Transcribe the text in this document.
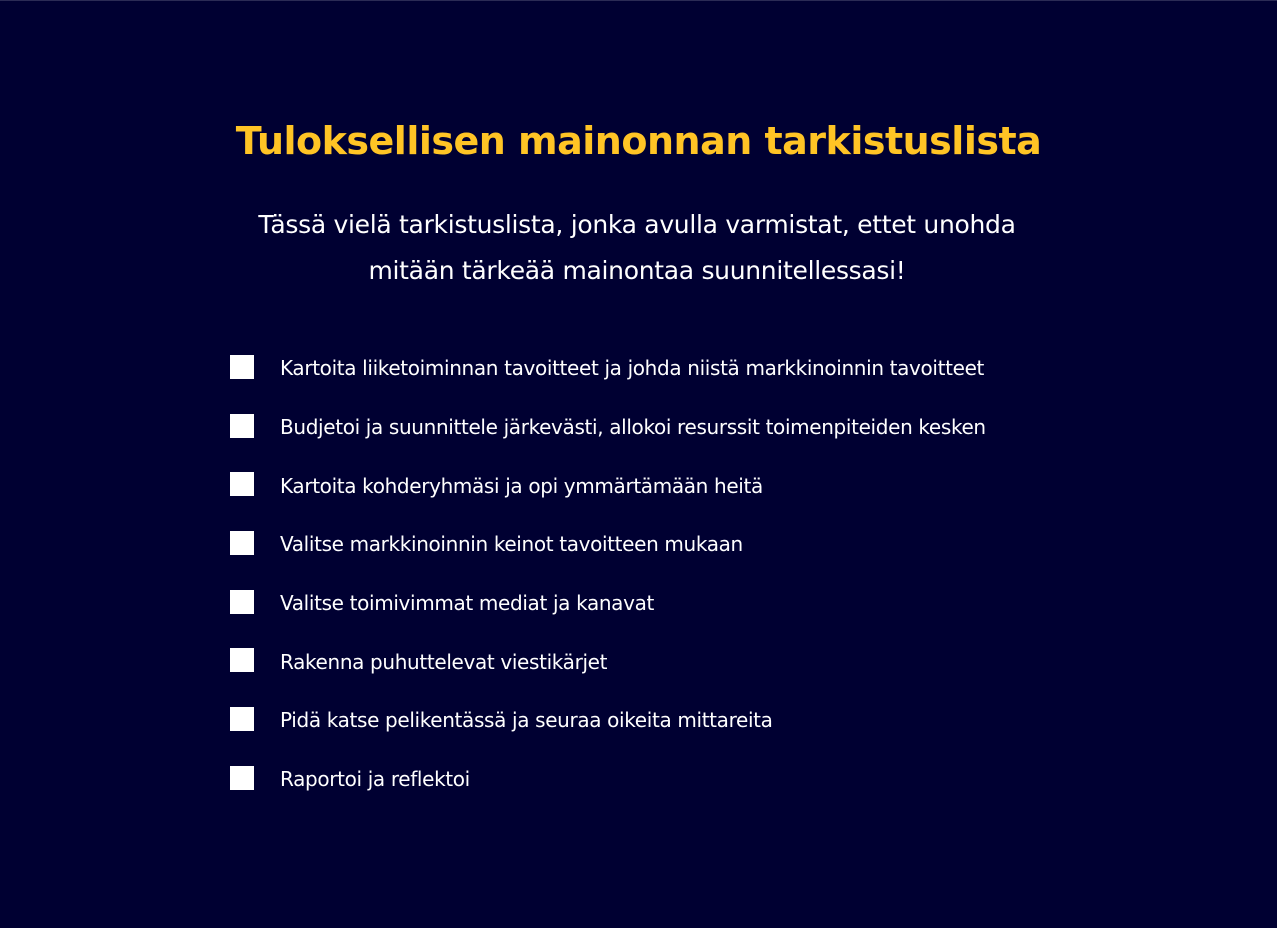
Tuloksellisen mainonnan tarkistuslista

Tässä vielä tarkistuslista, jonka avulla varmistat, ettet unohda mitään tärkeää mainontaa suunnitellessasi!

Kartoita liiketoiminnan tavoitteet ja johda niistä markkinoinnin tavoitteet
Budjetoi ja suunnittele järkevästi, allokoi resurssit toimenpiteiden kesken
Kartoita kohderyhmäsi ja opi ymmärtämään heitä
Valitse markkinoinnin keinot tavoitteen mukaan
Valitse toimivimmat mediat ja kanavat
Rakenna puhuttelevat viestikärjet
Pidä katse pelikentässä ja seuraa oikeita mittareita
Raportoi ja reflektoi
